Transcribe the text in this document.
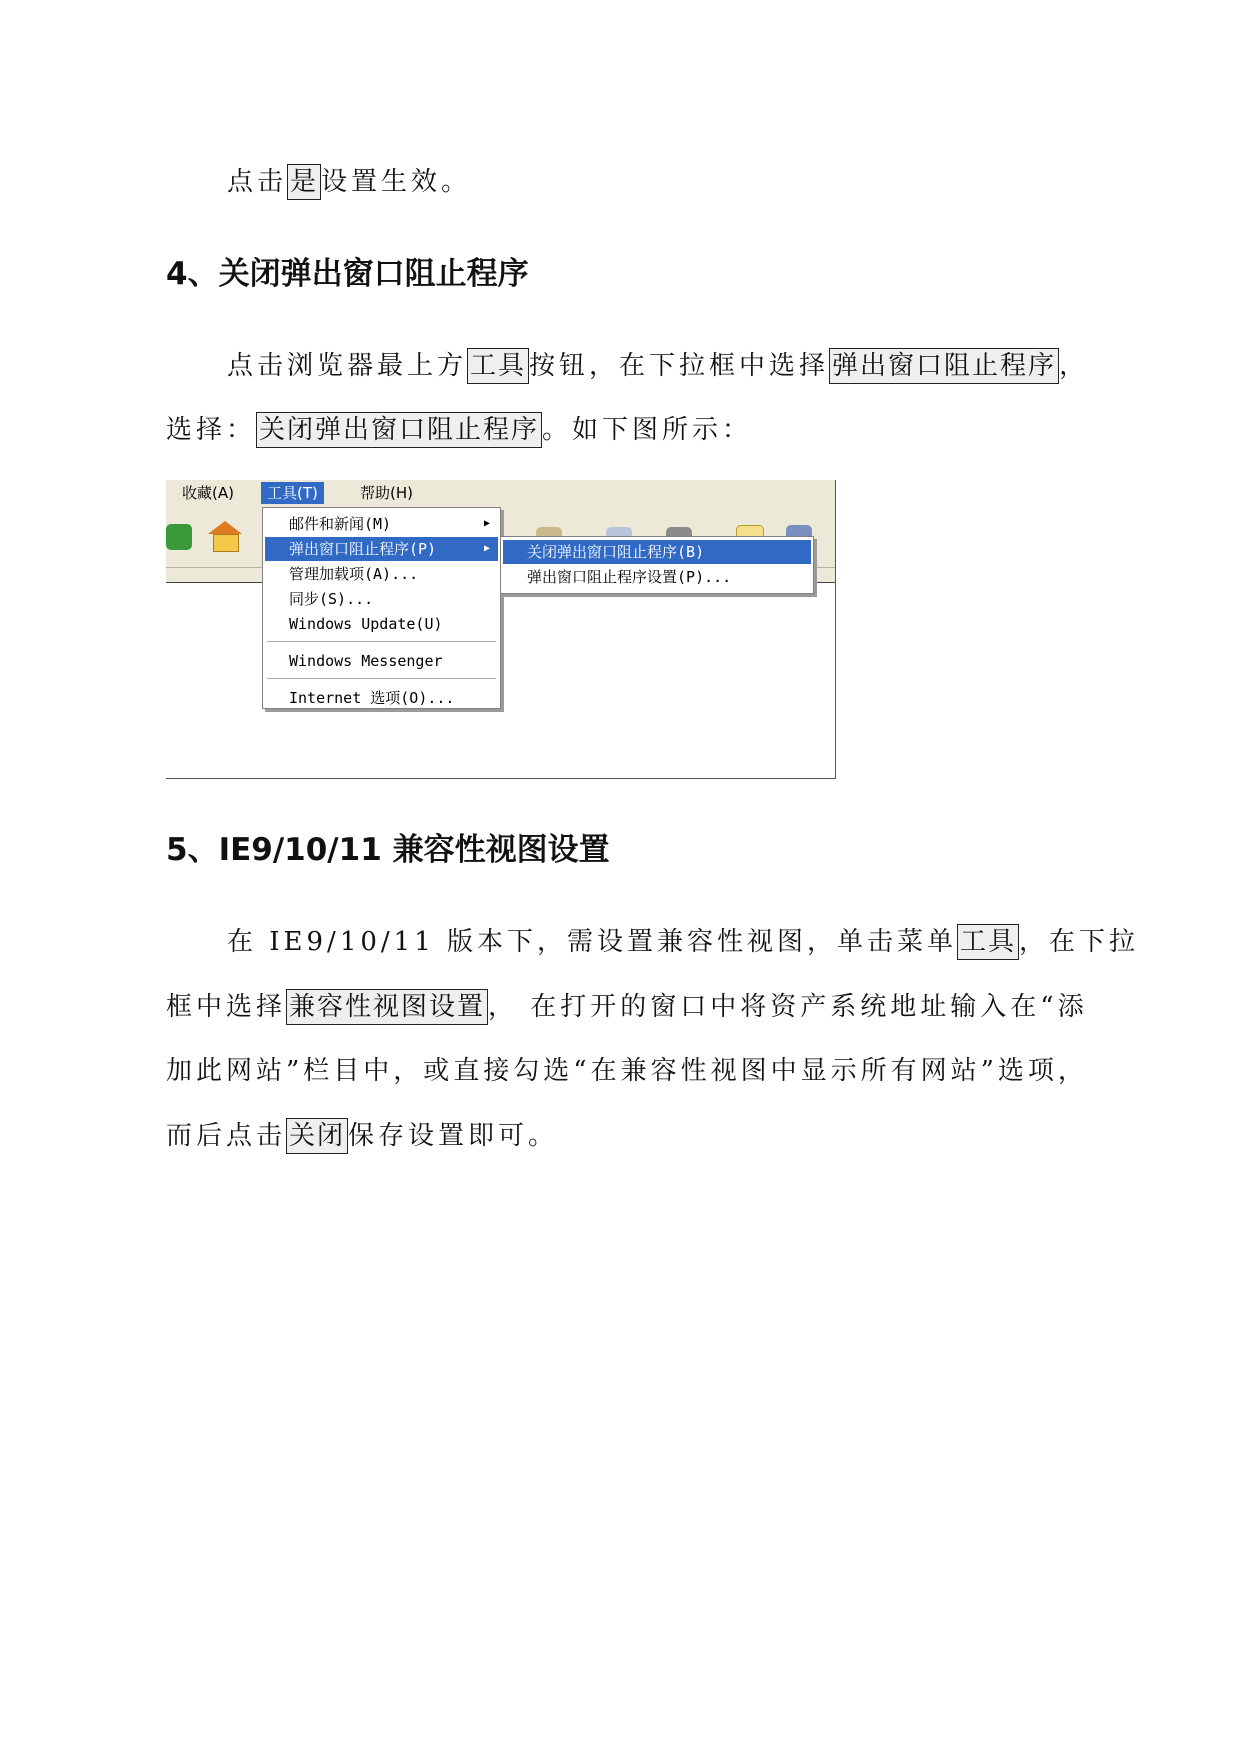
点击 是 设置生效。
4、关闭弹出窗口阻止程序
点击浏览器最上方 工具 按钮，在下拉框中选择 弹出窗口阻止程序 ，
选择： 关闭弹出窗口阻止程序 。如下图所示：
收藏(A)	工具(T)	帮助(H)
邮件和新闻(M)	▶
弹出窗口阻止程序(P)	▶
管理加载项(A)...
同步(S)...
Windows Update(U)
Windows Messenger
Internet 选项(O)...
关闭弹出窗口阻止程序(B)
弹出窗口阻止程序设置(P)...
5、IE9/10/11 兼容性视图设置
在 IE9/10/11 版本下，需设置兼容性视图，单击菜单 工具 ，在下拉
框中选择 兼容性视图设置 ， 在打开的窗口中将资产系统地址输入在“添
加此网站”栏目中，或直接勾选“在兼容性视图中显示所有网站”选项，
而后点击 关闭 保存设置即可。
